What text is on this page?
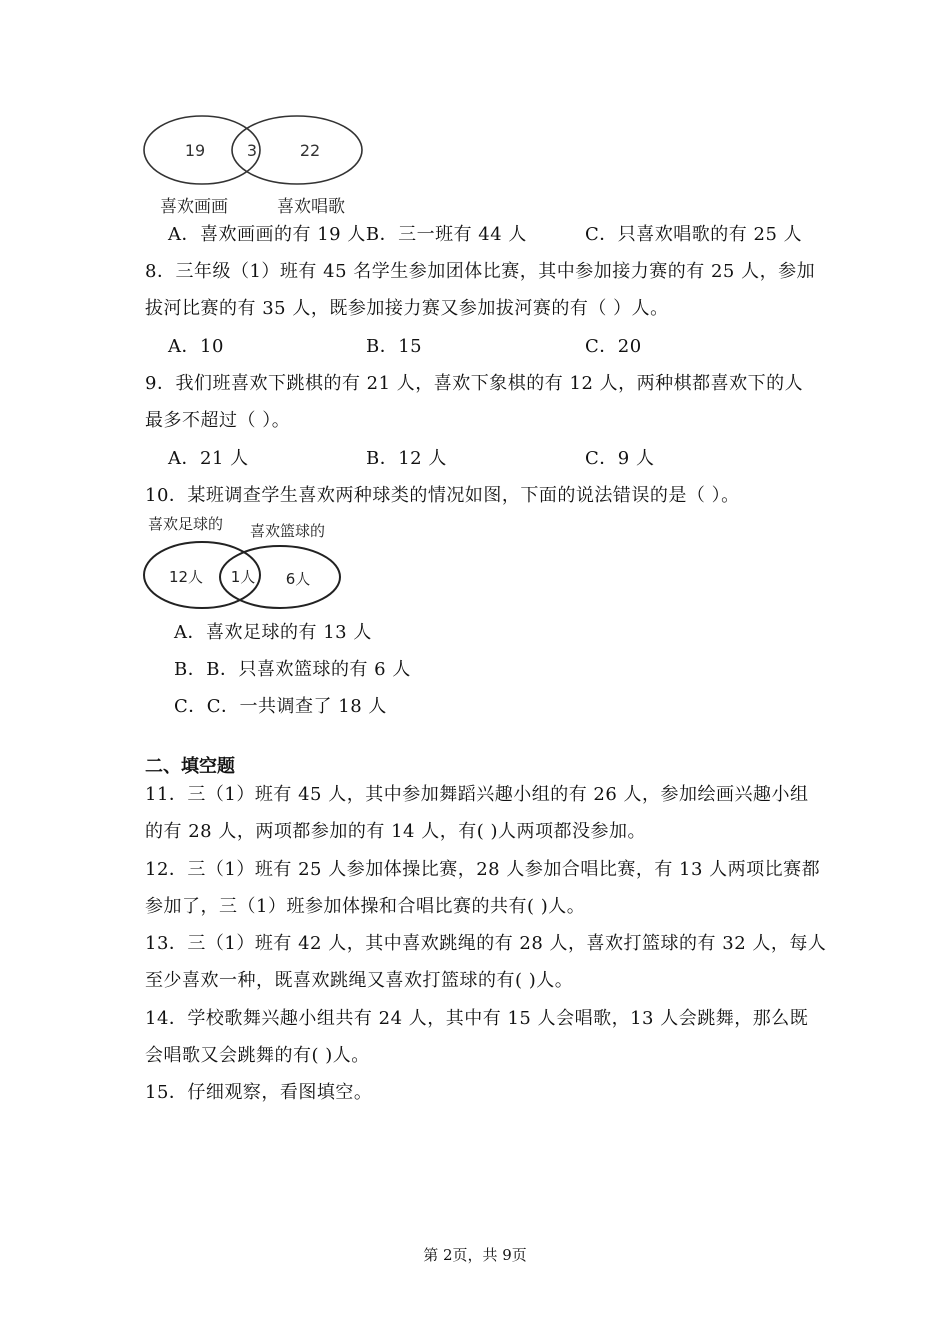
19	3	22
喜欢画画	喜欢唱歌
A．喜欢画画的有 19 人B．三一班有 44 人	C．只喜欢唱歌的有 25 人
8．三年级（1）班有 45 名学生参加团体比赛，其中参加接力赛的有 25 人，参加
拔河比赛的有 35 人，既参加接力赛又参加拔河赛的有（ ）人。
A．10	B．15	C．20
9．我们班喜欢下跳棋的有 21 人，喜欢下象棋的有 12 人，两种棋都喜欢下的人
最多不超过（ ）。
A．21 人	B．12 人	C．9 人
10．某班调查学生喜欢两种球类的情况如图，下面的说法错误的是（ ）。
喜欢足球的 喜欢篮球的
12人 1人 6人
A．喜欢足球的有 13 人
B．B．只喜欢篮球的有 6 人
C．C．一共调查了 18 人
二、填空题
11．三（1）班有 45 人，其中参加舞蹈兴趣小组的有 26 人，参加绘画兴趣小组
的有 28 人，两项都参加的有 14 人，有( )人两项都没参加。
12．三（1）班有 25 人参加体操比赛，28 人参加合唱比赛，有 13 人两项比赛都
参加了，三（1）班参加体操和合唱比赛的共有( )人。
13．三（1）班有 42 人，其中喜欢跳绳的有 28 人，喜欢打篮球的有 32 人，每人
至少喜欢一种，既喜欢跳绳又喜欢打篮球的有( )人。
14．学校歌舞兴趣小组共有 24 人，其中有 15 人会唱歌，13 人会跳舞，那么既
会唱歌又会跳舞的有( )人。
15．仔细观察，看图填空。
第 2页，共 9页
